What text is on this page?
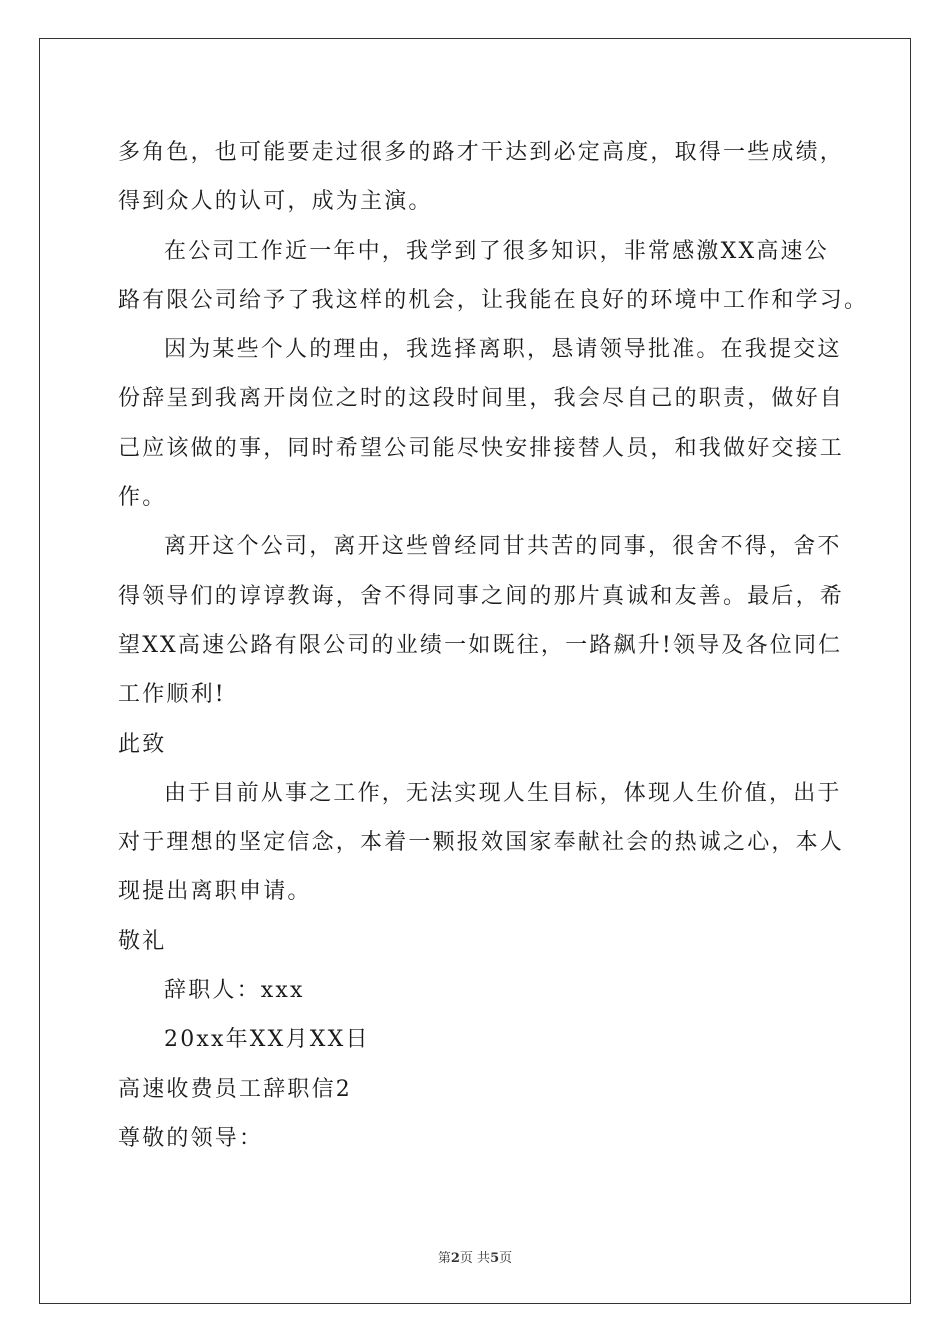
多角色，也可能要走过很多的路才干达到必定高度，取得一些成绩，
得到众人的认可，成为主演。
在公司工作近一年中，我学到了很多知识，非常感激XX高速公
路有限公司给予了我这样的机会，让我能在良好的环境中工作和学习。
因为某些个人的理由，我选择离职，恳请领导批准。在我提交这
份辞呈到我离开岗位之时的这段时间里，我会尽自己的职责，做好自
己应该做的事，同时希望公司能尽快安排接替人员，和我做好交接工
作。
离开这个公司，离开这些曾经同甘共苦的同事，很舍不得，舍不
得领导们的谆谆教诲，舍不得同事之间的那片真诚和友善。最后，希
望XX高速公路有限公司的业绩一如既往，一路飙升!领导及各位同仁
工作顺利!
此致
由于目前从事之工作，无法实现人生目标，体现人生价值，出于
对于理想的坚定信念，本着一颗报效国家奉献社会的热诚之心，本人
现提出离职申请。
敬礼
辞职人：xxx
20xx年XX月XX日
高速收费员工辞职信2
尊敬的领导：
第2页 共5页
